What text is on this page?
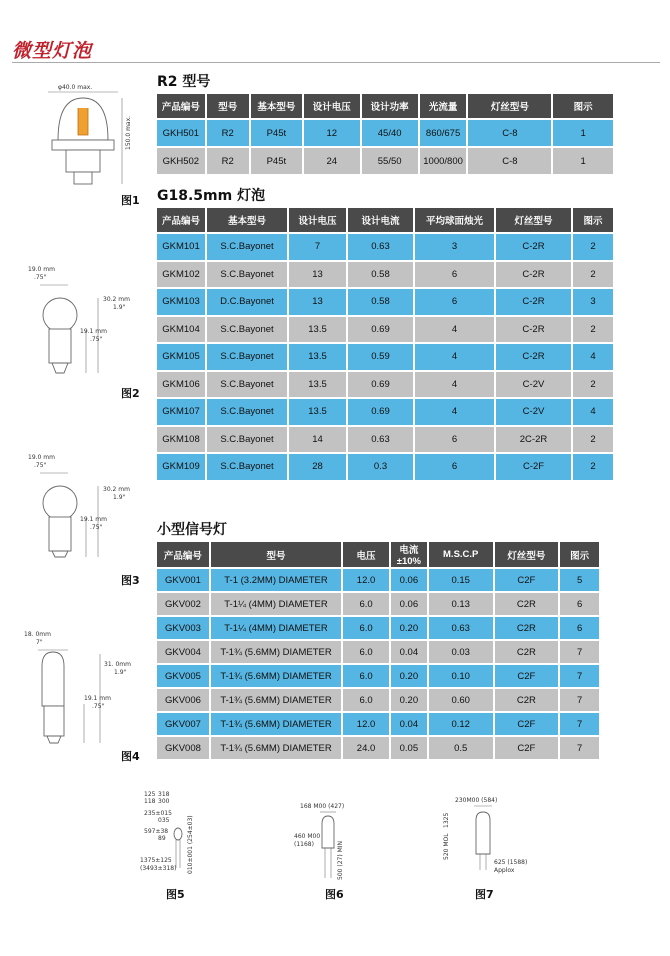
微型灯泡
R2 型号
G18.5mm 灯泡
小型信号灯
产品编号	型号	基本型号	设计电压	设计功率	光流量	灯丝型号	图示
GKH501	R2	P45t	12	45/40	860/675	C-8	1
GKH502	R2	P45t	24	55/50	1000/800	C-8	1
产品编号	基本型号	设计电压	设计电流	平均球面烛光	灯丝型号	图示
GKM101	S.C.Bayonet	7	0.63	3	C-2R	2
GKM102	S.C.Bayonet	13	0.58	6	C-2R	2
GKM103	D.C.Bayonet	13	0.58	6	C-2R	3
GKM104	S.C.Bayonet	13.5	0.69	4	C-2R	2
GKM105	S.C.Bayonet	13.5	0.59	4	C-2R	4
GKM106	S.C.Bayonet	13.5	0.69	4	C-2V	2
GKM107	S.C.Bayonet	13.5	0.69	4	C-2V	4
GKM108	S.C.Bayonet	14	0.63	6	2C-2R	2
GKM109	S.C.Bayonet	28	0.3	6	C-2F	2
产品编号	型号	电压	电流 ±10%	M.S.C.P	灯丝型号	图示
GKV001	T-1 (3.2MM) DIAMETER	12.0	0.06	0.15	C2F	5
GKV002	T-1¼ (4MM) DIAMETER	6.0	0.06	0.13	C2R	6
GKV003	T-1¼ (4MM) DIAMETER	6.0	0.20	0.63	C2R	6
GKV004	T-1¾ (5.6MM) DIAMETER	6.0	0.04	0.03	C2R	7
GKV005	T-1¾ (5.6MM) DIAMETER	6.0	0.20	0.10	C2F	7
GKV006	T-1¾ (5.6MM) DIAMETER	6.0	0.20	0.60	C2R	7
GKV007	T-1¾ (5.6MM) DIAMETER	12.0	0.04	0.12	C2F	7
GKV008	T-1¾ (5.6MM) DIAMETER	24.0	0.05	0.5	C2F	7
φ40.0 max.
150.0 max.
图1
19.0 mm
.75"
30.2 mm
1.9"
19.1 mm
.75"
图2
19.0 mm
.75"
30.2 mm
1.9"
19.1 mm
.75"
图3
18. 0mm
7"
31. 0mm
1.9"
19.1 mm
.75"
图4
125
118
318
300
235±015
035
597±38
89
1375±125
(3493±318) 010±001 (254±03)
图5
168 M00 (427)
460 M00
(1168)	500 (27) MIN
图6
230M00 (584)
520 MOL
1325
625 (1588)
Applox
图7
